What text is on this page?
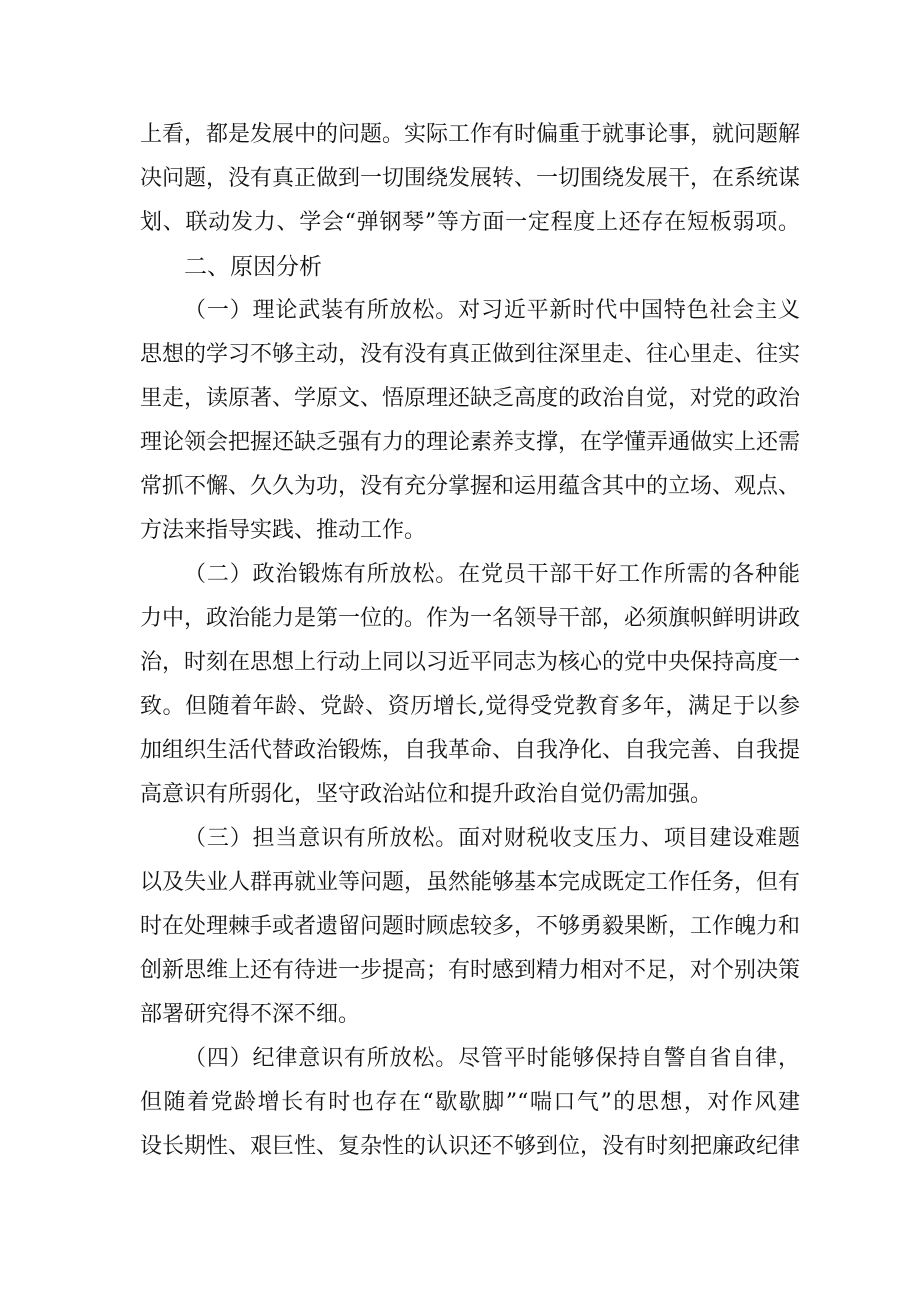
上看，都是发展中的问题。实际工作有时偏重于就事论事，就问题解
决问题，没有真正做到一切围绕发展转、一切围绕发展干，在系统谋
划、联动发力、学会“弹钢琴”等方面一定程度上还存在短板弱项。
二、原因分析
（一）理论武装有所放松。对习近平新时代中国特色社会主义
思想的学习不够主动，没有没有真正做到往深里走、往心里走、往实
里走，读原著、学原文、悟原理还缺乏高度的政治自觉，对党的政治
理论领会把握还缺乏强有力的理论素养支撑，在学懂弄通做实上还需
常抓不懈、久久为功，没有充分掌握和运用蕴含其中的立场、观点、
方法来指导实践、推动工作。
（二）政治锻炼有所放松。在党员干部干好工作所需的各种能
力中，政治能力是第一位的。作为一名领导干部，必须旗帜鲜明讲政
治，时刻在思想上行动上同以习近平同志为核心的党中央保持高度一
致。但随着年龄、党龄、资历增长,觉得受党教育多年，满足于以参
加组织生活代替政治锻炼，自我革命、自我净化、自我完善、自我提
高意识有所弱化，坚守政治站位和提升政治自觉仍需加强。
（三）担当意识有所放松。面对财税收支压力、项目建设难题
以及失业人群再就业等问题，虽然能够基本完成既定工作任务，但有
时在处理棘手或者遗留问题时顾虑较多，不够勇毅果断，工作魄力和
创新思维上还有待进一步提高；有时感到精力相对不足，对个别决策
部署研究得不深不细。
（四）纪律意识有所放松。尽管平时能够保持自警自省自律，
但随着党龄增长有时也存在“歇歇脚”“喘口气”的思想，对作风建
设长期性、艰巨性、复杂性的认识还不够到位，没有时刻把廉政纪律
